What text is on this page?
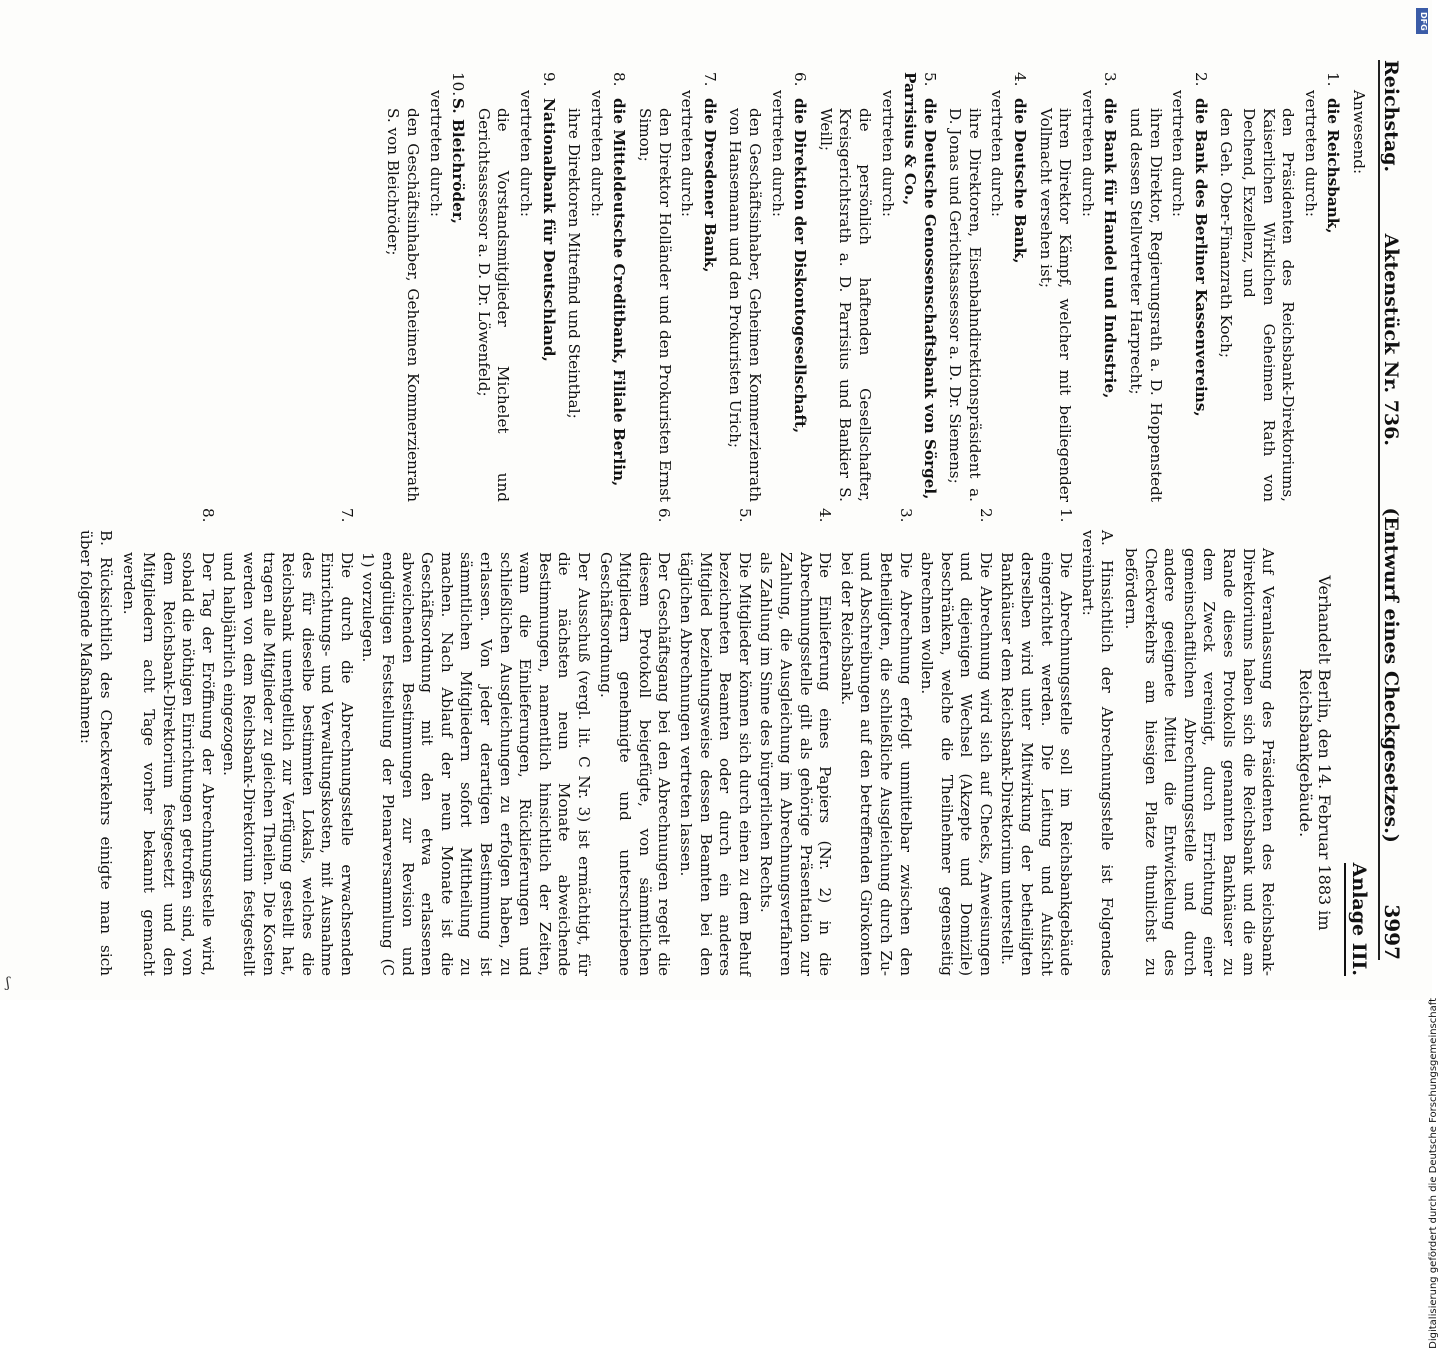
Reichstag.
Aktenstück Nr. 736.
(Entwurf eines Checkgesetzes.)
3997
Anwesend:
1.die Reichsbank,
vertreten durch:
den Präsidenten des Reichsbank-Direktoriums, Kaiserlichen Wirklichen Geheimen Rath von Dechend, Exzellenz, und
den Geh. Ober-Finanzrath Koch;
2.die Bank des Berliner Kassenvereins,
vertreten durch:
ihren Direktor, Regierungsrath a. D. Hoppenstedt und dessen Stellvertreter Harprecht;
3.die Bank für Handel und Industrie,
vertreten durch:
ihren Direktor Kämpf, welcher mit beiliegender Vollmacht versehen ist;
4.die Deutsche Bank,
vertreten durch:
ihre Direktoren, Eisenbahndirektionspräsident a. D. Jonas und Gerichtsassessor a. D. Dr. Siemens;
5.die Deutsche Genossenschaftsbank von Sörgel, Parrisius & Co.,
vertreten durch:
die persönlich haftenden Gesellschafter, Kreisgerichtsrath a. D. Parrisius und Bankier S. Weill;
6.die Direktion der Diskontogesellschaft,
vertreten durch:
den Geschäftsinhaber, Geheimen Kommerzienrath von Hansemann und den Prokuristen Urich;
7.die Dresdener Bank,
vertreten durch:
den Direktor Holländer und den Prokuristen Ernst Simon;
8.die Mitteldeutsche Creditbank, Filiale Berlin,
vertreten durch:
ihre Direktoren Mitrefind und Steinthal;
9.Nationalbank für Deutschland,
vertreten durch:
die Vorstandsmitglieder Michelet und Gerichtsassessor a. D. Dr. Löwenfeld;
10.S. Bleichröder,
vertreten durch:
den Geschäftsinhaber, Geheimen Kommerzienrath S. von Bleichröder;
Anlage III.
Verhandelt Berlin, den 14. Februar 1883 im Reichsbankgebäude.
Auf Veranlassung des Präsidenten des Reichsbank-Direktoriums haben sich die Reichsbank und die am Rande dieses Protokolls genannten Bankhäuser zu dem Zweck vereinigt, durch Errichtung einer gemeinschaftlichen Abrechnungsstelle und durch andere geeignete Mittel die Entwickelung des Checkverkehrs am hiesigen Platze thunlichst zu befördern.
A. Hinsichtlich der Abrechnungsstelle ist Folgendes vereinbart:
1.Die Abrechnungsstelle soll im Reichsbankgebäude eingerichtet werden. Die Leitung und Aufsicht derselben wird unter Mitwirkung der betheiligten Bankhäuser dem Reichsbank-Direktorium unterstellt.
2.Die Abrechnung wird sich auf Checks, Anweisungen und diejenigen Wechsel (Akzepte und Domizile) beschränken, welche die Theilnehmer gegenseitig abrechnen wollen.
3.Die Abrechnung erfolgt unmittelbar zwischen den Betheiligten, die schließliche Ausgleichung durch Zu- und Abschreibungen auf den betreffenden Girokonten bei der Reichsbank.
4.Die Einlieferung eines Papiers (Nr. 2) in die Abrechnungsstelle gilt als gehörige Präsentation zur Zahlung, die Ausgleichung im Abrechnungsverfahren als Zahlung im Sinne des bürgerlichen Rechts.
5.Die Mitglieder können sich durch einen zu dem Behuf bezeichneten Beamten oder durch ein anderes Mitglied beziehungsweise dessen Beamten bei den täglichen Abrechnungen vertreten lassen.
6.Der Geschäftsgang bei den Abrechnungen regelt die diesem Protokoll beigefügte, von sämmtlichen Mitgliedern genehmigte und unterschriebene Geschäftsordnung.
Der Ausschuß (vergl. lit. C Nr. 3) ist ermächtigt, für die nächsten neun Monate abweichende Bestimmungen, namentlich hinsichtlich der Zeiten, wann die Einlieferungen, Rücklieferungen und schließlichen Ausgleichungen zu erfolgen haben, zu erlassen. Von jeder derartigen Bestimmung ist sämmtlichen Mitgliedern sofort Mittheilung zu machen. Nach Ablauf der neun Monate ist die Geschäftsordnung mit den etwa erlassenen abweichenden Bestimmungen zur Revision und endgültigen Feststellung der Plenarversammlung (C 1) vorzulegen.
7.Die durch die Abrechnungsstelle erwachsenden Einrichtungs- und Verwaltungskosten, mit Ausnahme des für dieselbe bestimmten Lokals, welches die Reichsbank unentgeltlich zur Verfügung gestellt hat, tragen alle Mitglieder zu gleichen Theilen. Die Kosten werden von dem Reichsbank-Direktorium festgestellt und halbjährlich eingezogen.
8.Der Tag der Eröffnung der Abrechnungsstelle wird, sobald die nöthigen Einrichtungen getroffen sind, von dem Reichsbank-Direktorium festgesetzt und den Mitgliedern acht Tage vorher bekannt gemacht werden.
B. Rücksichtlich des Checkverkehrs einigte man sich über folgende Maßnahmen:
ʃ
Digitalisierung gefördert durch die Deutsche Forschungsgemeinschaft
DFG
